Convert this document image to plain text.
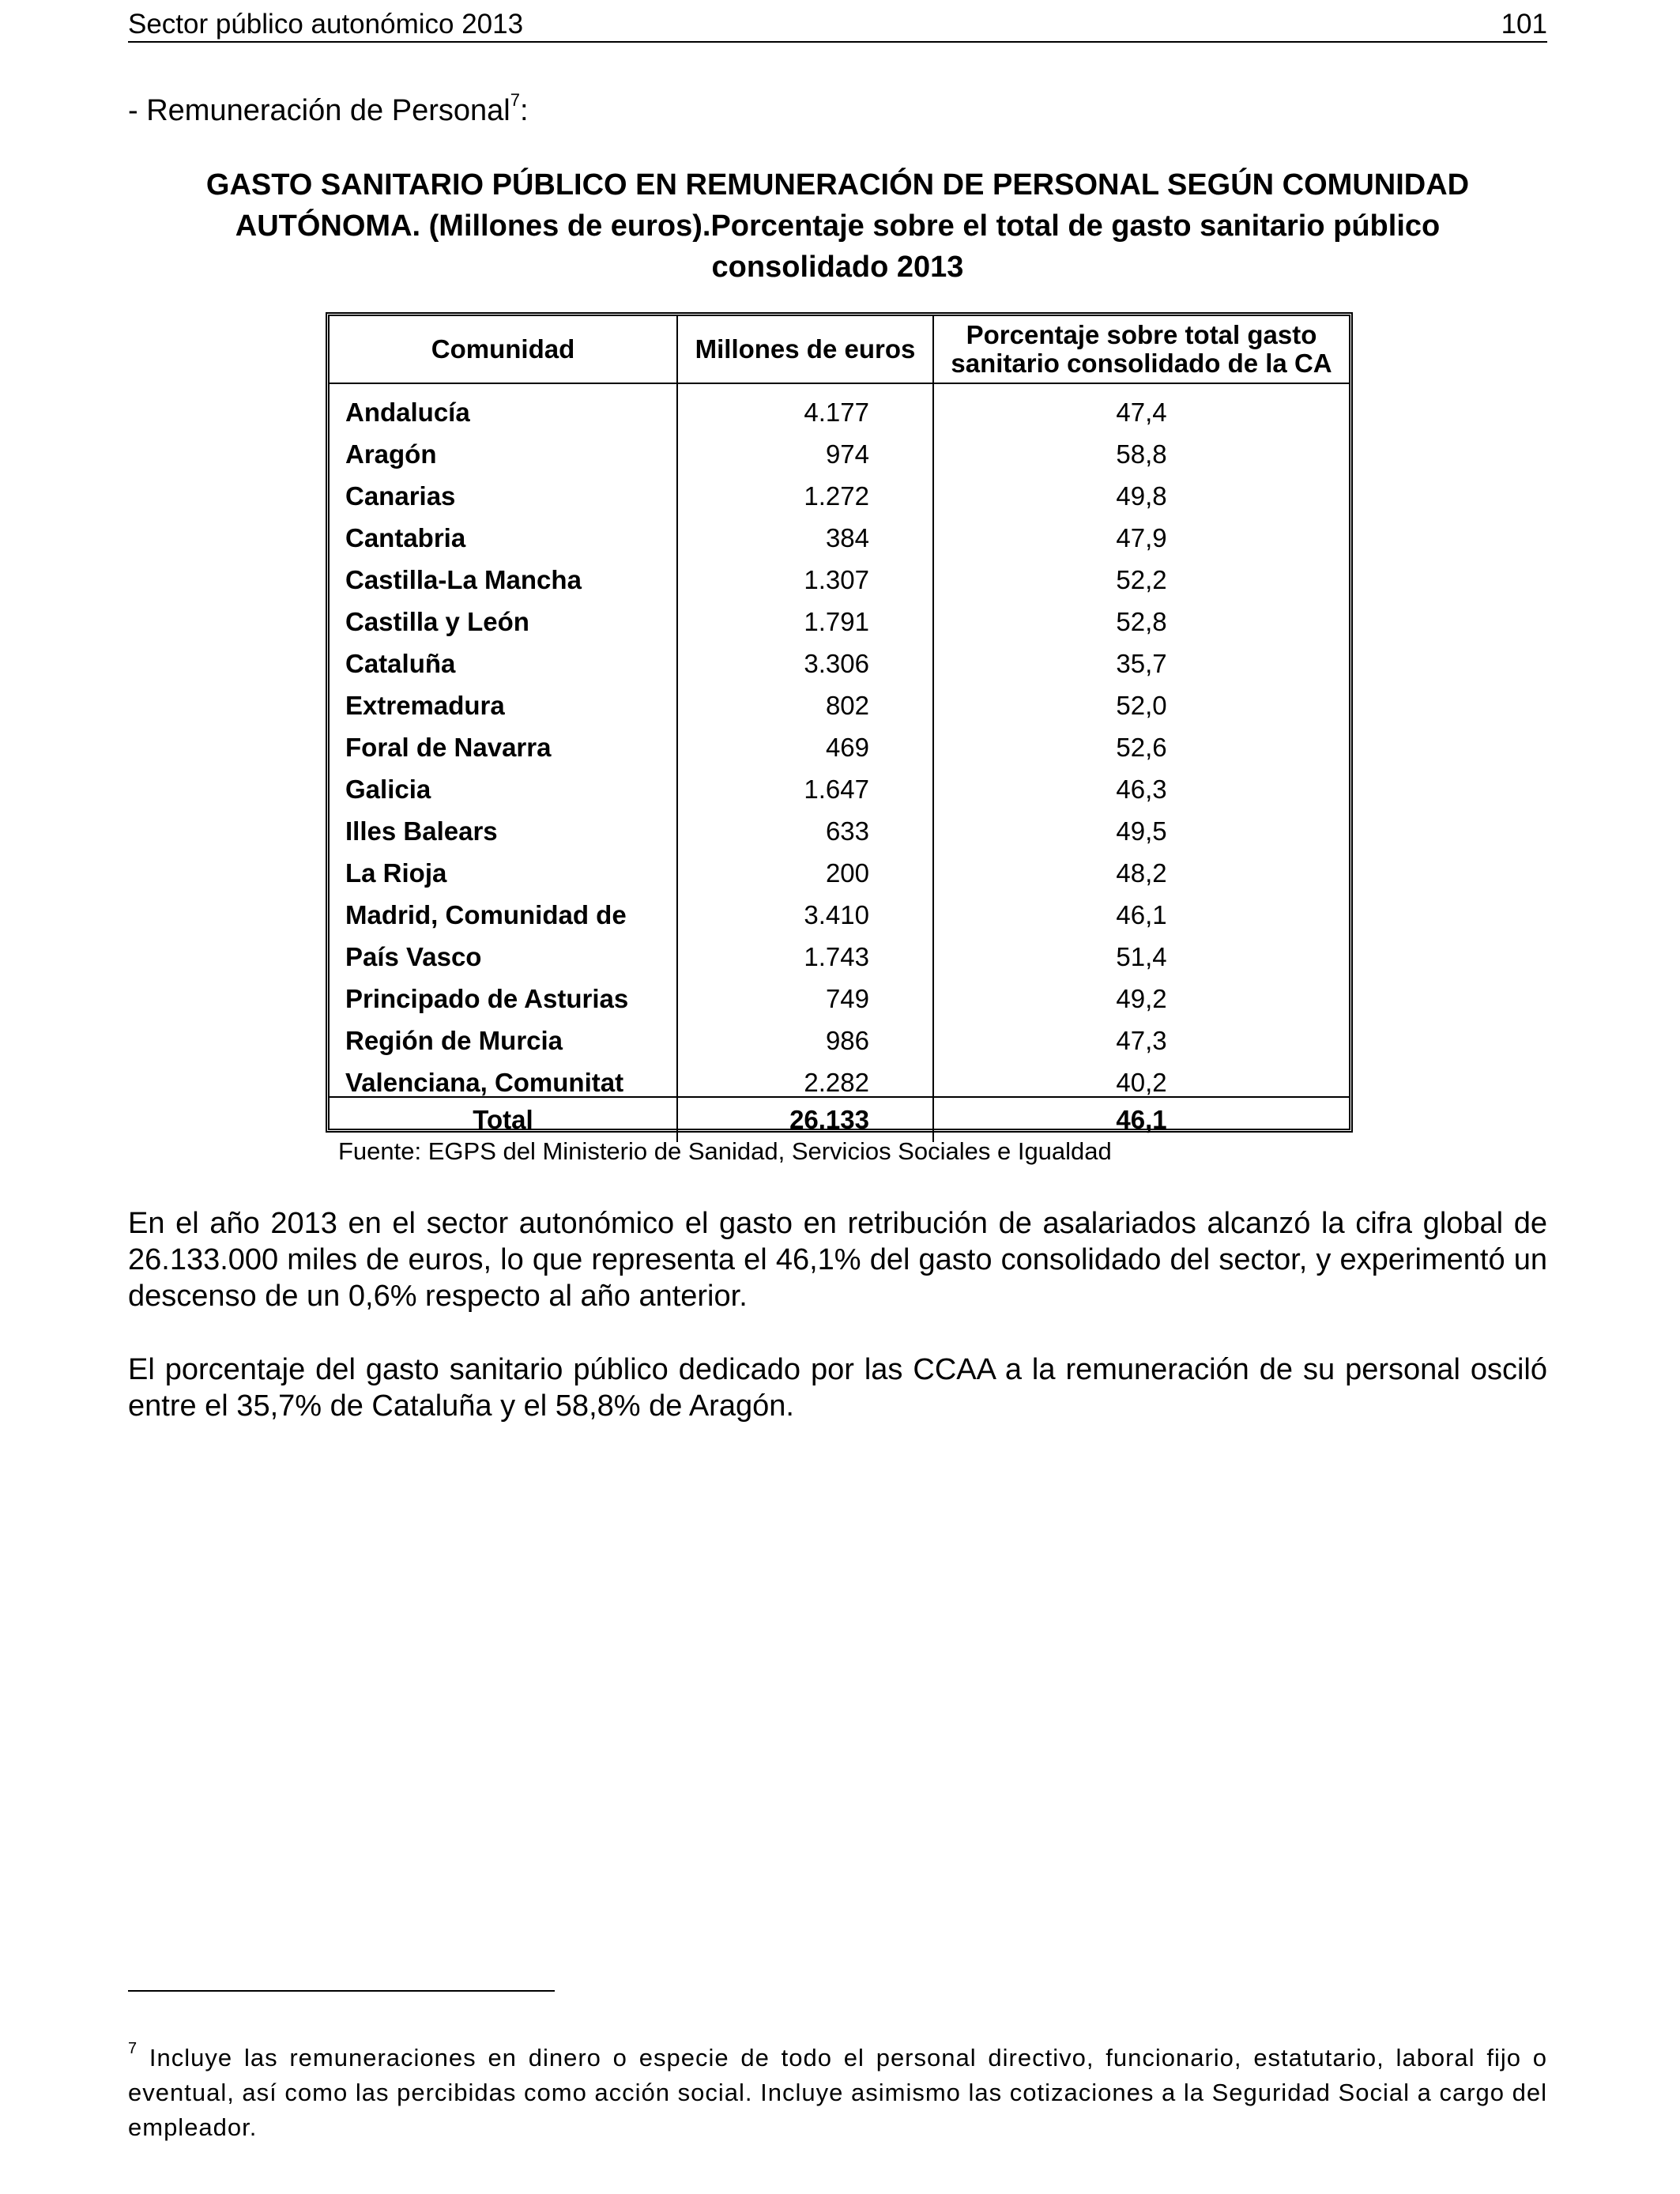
Sector público autonómico 2013	101
- Remuneración de Personal$^7$:
GASTO SANITARIO PÚBLICO EN REMUNERACIÓN DE PERSONAL SEGÚN COMUNIDAD
AUTÓNOMA. (Millones de euros).Porcentaje sobre el total de gasto sanitario público
consolidado 2013
Comunidad	Millones de euros	Porcentaje sobre total gasto
sanitario consolidado de la CA

Andalucía	4.177	47,4
Aragón	974	58,8
Canarias	1.272	49,8
Cantabria	384	47,9
Castilla-La Mancha	1.307	52,2
Castilla y León	1.791	52,8
Cataluña	3.306	35,7
Extremadura	802	52,0
Foral de Navarra	469	52,6
Galicia	1.647	46,3
Illes Balears	633	49,5
La Rioja	200	48,2
Madrid, Comunidad de	3.410	46,1
País Vasco	1.743	51,4
Principado de Asturias	749	49,2
Región de Murcia	986	47,3
Valenciana, Comunitat	2.282	40,2
Total	26.133	46,1
Fuente: EGPS del Ministerio de Sanidad, Servicios Sociales e Igualdad
En el año 2013 en el sector autonómico el gasto en retribución de asalariados alcanzó la cifra global de 26.133.000 miles de euros, lo que representa el 46,1% del gasto consolidado del sector, y experimentó un descenso de un 0,6% respecto al año anterior.
El porcentaje del gasto sanitario público dedicado por las CCAA a la remuneración de su personal osciló entre el 35,7% de Cataluña y el 58,8% de Aragón.
$^7$ Incluye las remuneraciones en dinero o especie de todo el personal directivo, funcionario, estatutario, laboral fijo o eventual, así como las percibidas como acción social. Incluye asimismo las cotizaciones a la Seguridad Social a cargo del empleador.
